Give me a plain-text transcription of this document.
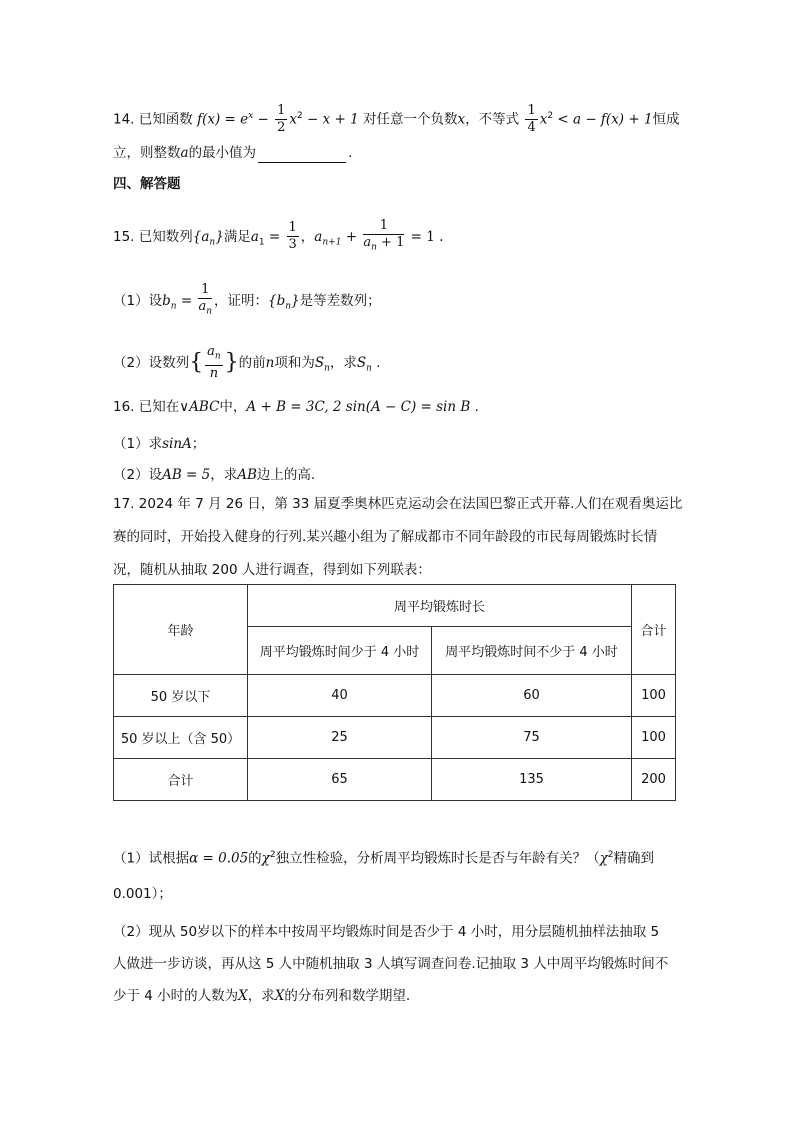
14. 已知函数 $f(x) = e^x - \frac{1}{2} x^2 - x + 1$ 对任意一个负数x，不等式 $\frac{1}{4} x^2 < a - f(x) + 1$恒成
立，则整数a的最小值为	.
四、解答题
15. 已知数列$\{a_n\}$满足$a_1 = \frac{1}{3}$ ，$a_{n+1} + \frac{1}{a_n + 1} = 1$ .
（1）设$b_n = \frac{1}{a_n}$ ，证明：$\{b_n\}$是等差数列；
（2）设数列{ $\frac{a_n}{n}$ }的前n项和为$S_n$，求$S_n$ .
16. 已知在∨ABC中，A + B = 3C, 2 sin(A − C) = sin B .
（1）求sinA；
（2）设AB = 5，求AB边上的高.
17. 2024 年 7 月 26 日，第 33 届夏季奥林匹克运动会在法国巴黎正式开幕.人们在观看奥运比
赛的同时，开始投入健身的行列.某兴趣小组为了解成都市不同年龄段的市民每周锻炼时长情
况，随机从抽取 200 人进行调查，得到如下列联表：
年龄	周平均锻炼时长		合计
	周平均锻炼时间少于 4 小时	周平均锻炼时间不少于 4 小时	
50 岁以下	40	60	100
50 岁以上（含 50）	25	75	100
合计	65	135	200
（1）试根据α = 0.05的$\chi^2$独立性检验，分析周平均锻炼时长是否与年龄有关？（$\chi^2$精确到
0.001）；
（2）现从 50岁以下的样本中按周平均锻炼时间是否少于 4 小时，用分层随机抽样法抽取 5
人做进一步访谈，再从这 5 人中随机抽取 3 人填写调查问卷.记抽取 3 人中周平均锻炼时间不
少于 4 小时的人数为X，求X的分布列和数学期望.
